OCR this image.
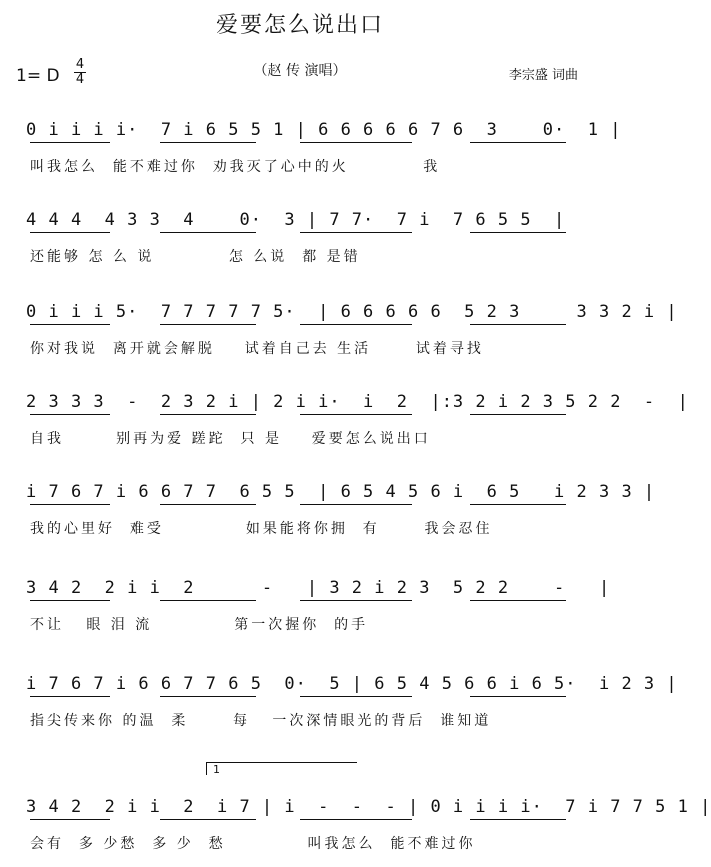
爱要怎么说出口
1= D
4
4
（赵 传 演唱）	李宗盛 词曲
1
0 i i i i·  7 i 6 5 5 1 | 6 6 6 6 6 7 6  3    0·  1 |
叫我怎么  能不难过你  劝我灭了心中的火          我
4 4 4  4 3 3  4    0·  3 | 7 7·  7 i  7 6 5 5  |
还能够 怎 么 说          怎 么说  都 是错
0 i i i 5·  7 7 7 7 7 5·  | 6 6 6 6 6  5 2 3     3 3 2 i |
你对我说  离开就会解脱    试着自己去 生活      试着寻找
2 3 3 3  -  2 3 2 i | 2 i i·  i  2  |:3 2 i 2 3 5 2 2  -  |
自我       别再为爱 蹉跎  只 是    爱要怎么说出口
i 7 6 7 i 6 6 7 7  6 5 5  | 6 5 4 5 6 i  6 5   i 2 3 3 |
我的心里好  难受           如果能将你拥  有      我会忍住
3 4 2  2 i i  2      -   | 3 2 i 2 3  5 2 2    -   |
不让   眼 泪 流           第一次握你  的手
i 7 6 7 i 6 6 7 7 6 5  0·  5 | 6 5 4 5 6 6 i 6 5·  i 2 3 |
指尖传来你 的温  柔      每   一次深情眼光的背后  谁知道
3 4 2  2 i i  2  i 7 | i  -  -  - | 0 i i i i·  7 i 7 7 5 1 |
会有  多 少愁  多 少  愁           叫我怎么  能不难过你
